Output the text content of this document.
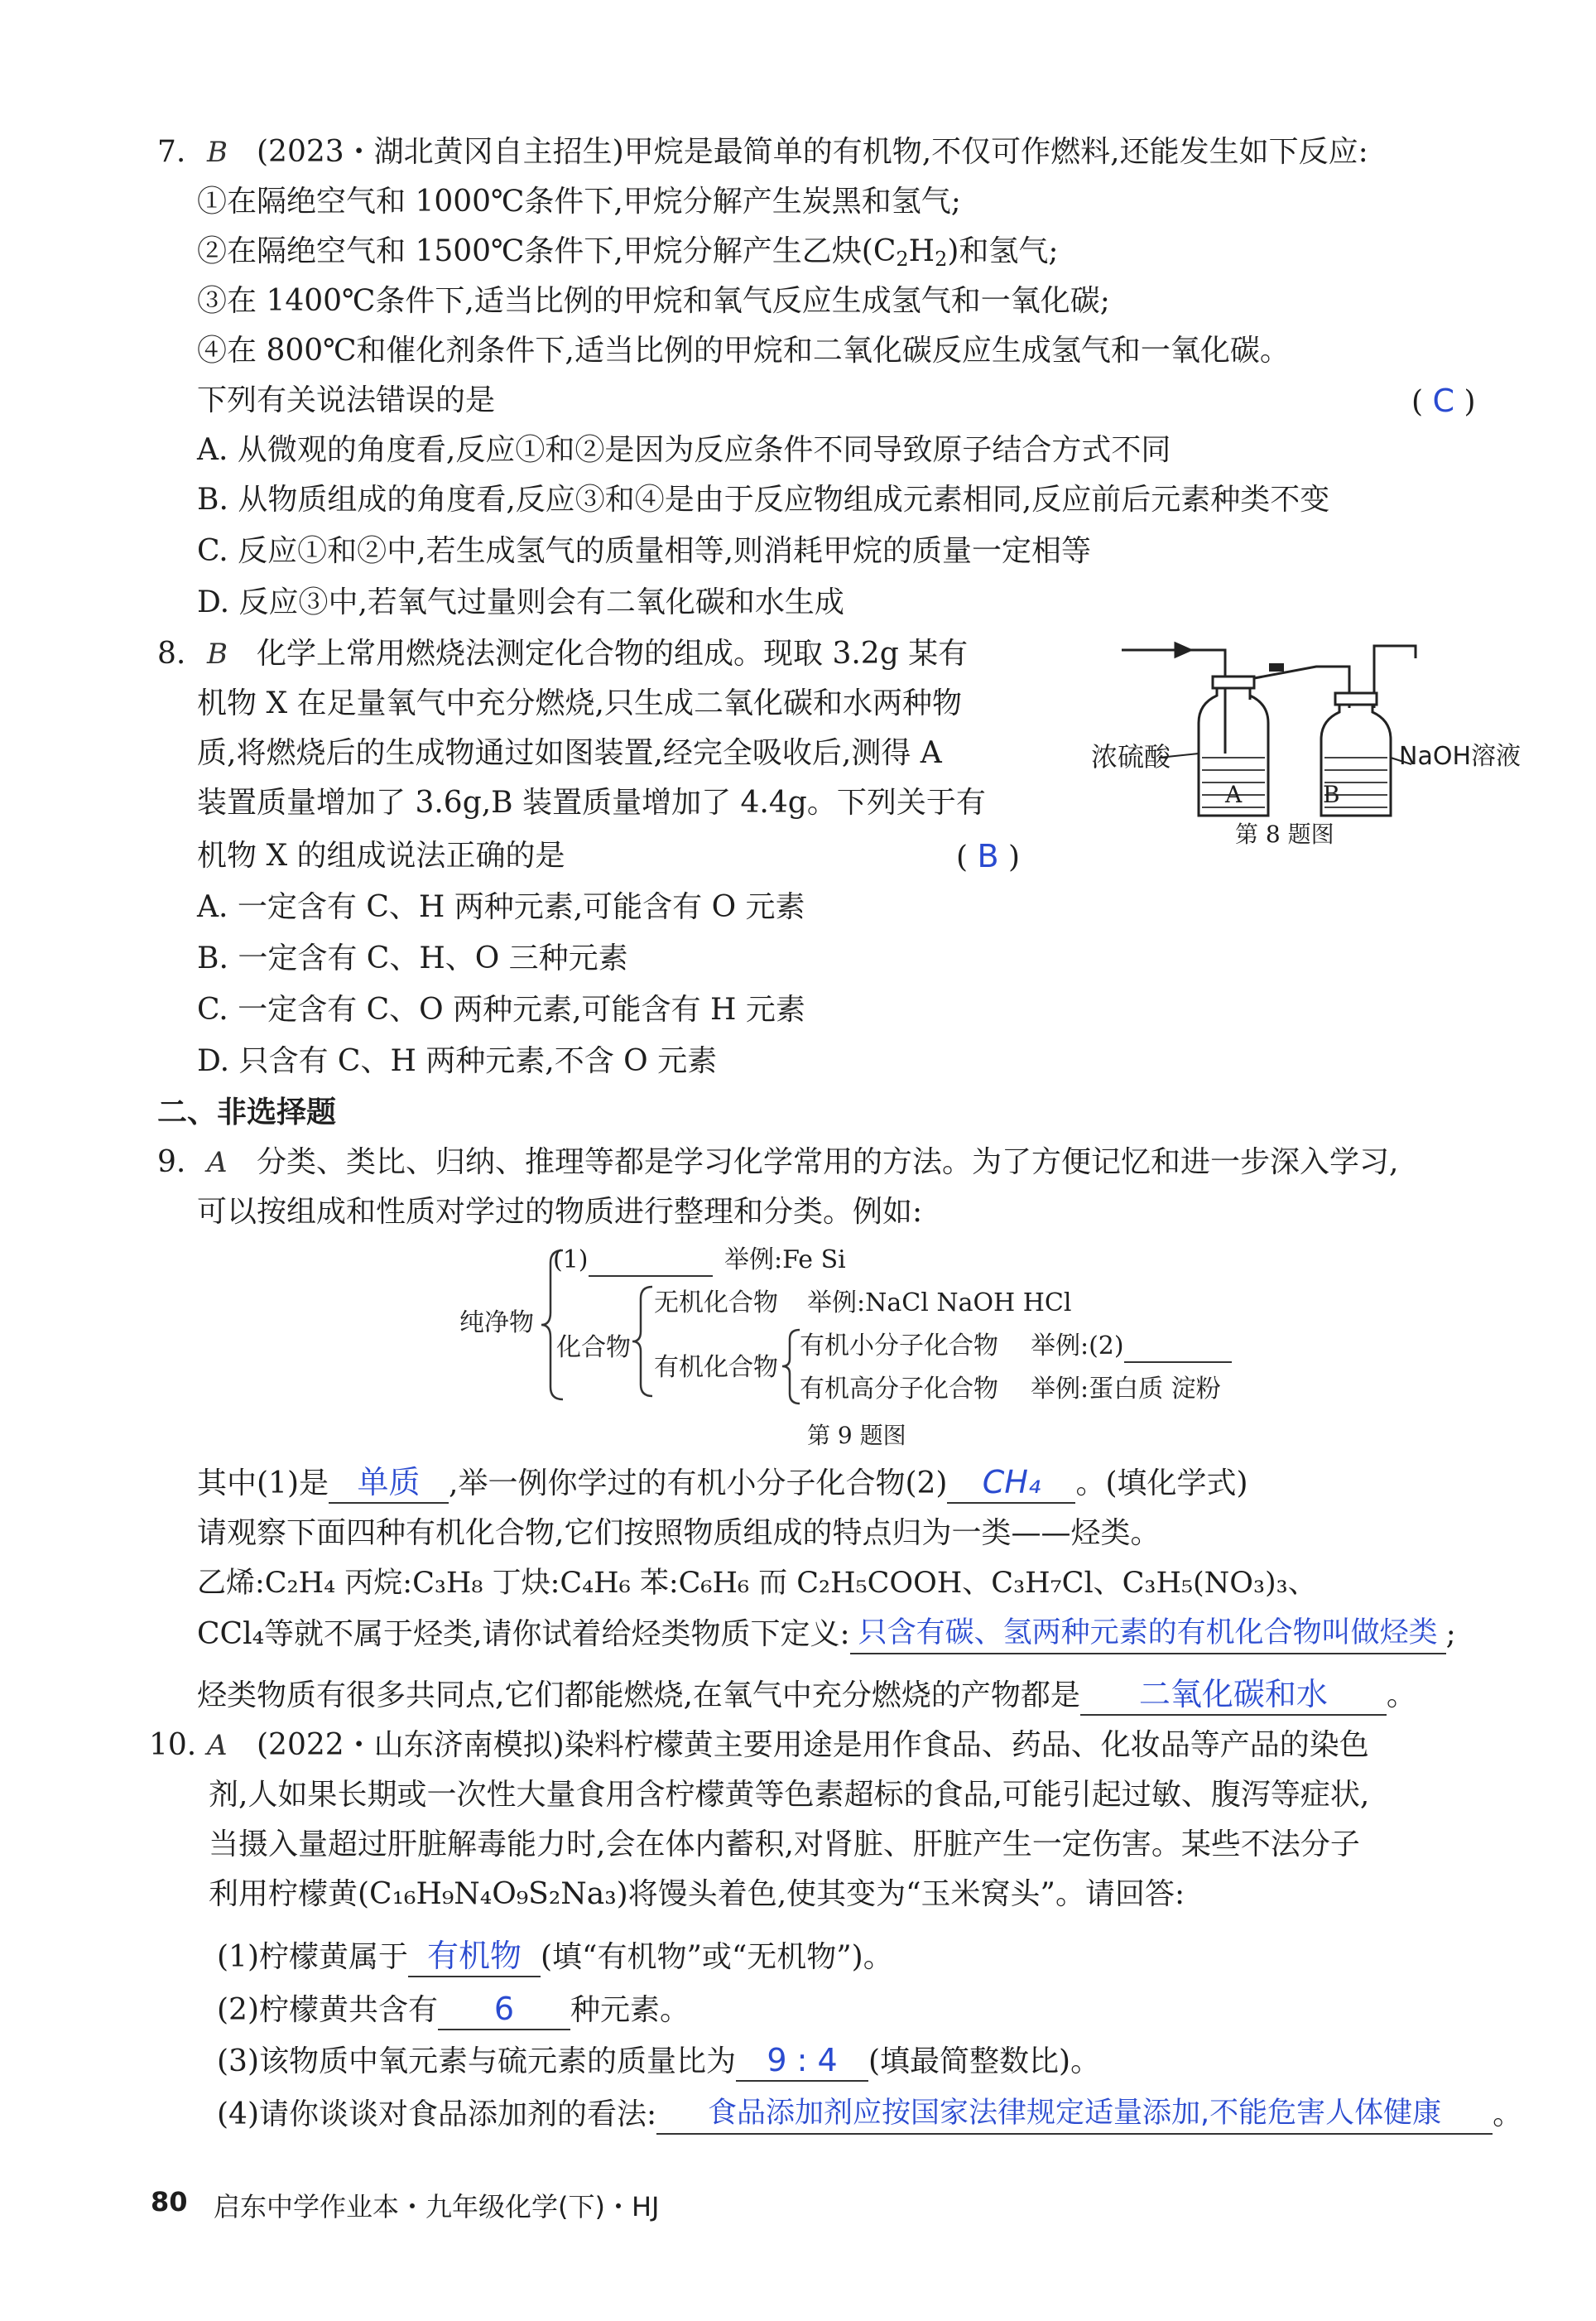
7. B (2023・湖北黄冈自主招生)甲烷是最简单的有机物,不仅可作燃料,还能发生如下反应:
①在隔绝空气和 1000℃条件下,甲烷分解产生炭黑和氢气;
②在隔绝空气和 1500℃条件下,甲烷分解产生乙炔$(C_2H_2)$和氢气;
③在 1400℃条件下,适当比例的甲烷和氧气反应生成氢气和一氧化碳;
④在 800℃和催化剂条件下,适当比例的甲烷和二氧化碳反应生成氢气和一氧化碳。
下列有关说法错误的是	( C )
A. 从微观的角度看,反应①和②是因为反应条件不同导致原子结合方式不同
B. 从物质组成的角度看,反应③和④是由于反应物组成元素相同,反应前后元素种类不变
C. 反应①和②中,若生成氢气的质量相等,则消耗甲烷的质量一定相等
D. 反应③中,若氧气过量则会有二氧化碳和水生成
8. B 化学上常用燃烧法测定化合物的组成。现取 3.2g 某有
机物 X 在足量氧气中充分燃烧,只生成二氧化碳和水两种物
质,将燃烧后的生成物通过如图装置,经完全吸收后,测得 A
装置质量增加了 3.6g,B 装置质量增加了 4.4g。下列关于有
机物 X 的组成说法正确的是	( B )
A. 一定含有 C、H 两种元素,可能含有 O 元素
B. 一定含有 C、H、O 三种元素
C. 一定含有 C、O 两种元素,可能含有 H 元素
D. 只含有 C、H 两种元素,不含 O 元素
浓硫酸	NaOH溶液
A	B
第 8 题图
二、非选择题
9. A 分类、类比、归纳、推理等都是学习化学常用的方法。为了方便记忆和进一步深入学习,
可以按组成和性质对学过的物质进行整理和分类。例如:
纯净物
(1)	举例:Fe Si
化合物
无机化合物 举例:NaCl NaOH HCl
有机化合物
有机小分子化合物 举例:(2)
有机高分子化合物 举例:蛋白质 淀粉
第 9 题图
其中(1)是 单质 ,举一例你学过的有机小分子化合物(2) CH₄ 。(填化学式)
请观察下面四种有机化合物,它们按照物质组成的特点归为一类——烃类。
乙烯:C₂H₄ 丙烷:C₃H₈ 丁炔:C₄H₆ 苯:C₆H₆ 而 C₂H₅COOH、C₃H₇Cl、C₃H₅(NO₃)₃、
CCl₄等就不属于烃类,请你试着给烃类物质下定义: 只含有碳、氢两种元素的有机化合物叫做烃类 ;
烃类物质有很多共同点,它们都能燃烧,在氧气中充分燃烧的产物都是 二氧化碳和水 。
10. A (2022・山东济南模拟)染料柠檬黄主要用途是用作食品、药品、化妆品等产品的染色
剂,人如果长期或一次性大量食用含柠檬黄等色素超标的食品,可能引起过敏、腹泻等症状,
当摄入量超过肝脏解毒能力时,会在体内蓄积,对肾脏、肝脏产生一定伤害。某些不法分子
利用柠檬黄(C₁₆H₉N₄O₉S₂Na₃)将馒头着色,使其变为“玉米窝头”。请回答:
(1)柠檬黄属于 有机物 (填“有机物”或“无机物”)。
(2)柠檬黄共含有 6 种元素。
(3)该物质中氧元素与硫元素的质量比为 9 : 4 (填最简整数比)。
(4)请你谈谈对食品添加剂的看法: 食品添加剂应按国家法律规定适量添加,不能危害人体健康 。
80 启东中学作业本・九年级化学(下)・HJ
